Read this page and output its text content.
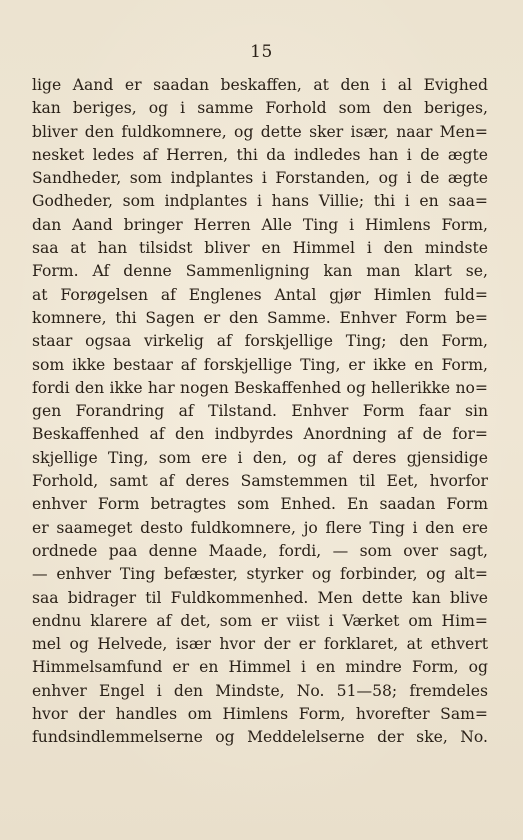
15
lige Aand er saadan beskaffen, at den i al Evighed
kan beriges, og i samme Forhold som den beriges,
bliver den fuldkomnere, og dette sker især, naar Men=
nesket ledes af Herren, thi da indledes han i de ægte
Sandheder, som indplantes i Forstanden, og i de ægte
Godheder, som indplantes i hans Villie; thi i en saa=
dan Aand bringer Herren Alle Ting i Himlens Form,
saa at han tilsidst bliver en Himmel i den mindste
Form. Af denne Sammenligning kan man klart se,
at Forøgelsen af Englenes Antal gjør Himlen fuld=
komnere, thi Sagen er den Samme. Enhver Form be=
staar ogsaa virkelig af forskjellige Ting; den Form,
som ikke bestaar af forskjellige Ting, er ikke en Form,
fordi den ikke har nogen Beskaffenhed og hellerikke no=
gen Forandring af Tilstand. Enhver Form faar sin
Beskaffenhed af den indbyrdes Anordning af de for=
skjellige Ting, som ere i den, og af deres gjensidige
Forhold, samt af deres Samstemmen til Eet, hvorfor
enhver Form betragtes som Enhed. En saadan Form
er saameget desto fuldkomnere, jo flere Ting i den ere
ordnede paa denne Maade, fordi, — som over sagt,
— enhver Ting befæster, styrker og forbinder, og alt=
saa bidrager til Fuldkommenhed. Men dette kan blive
endnu klarere af det, som er viist i Værket om Him=
mel og Helvede, især hvor der er forklaret, at ethvert
Himmelsamfund er en Himmel i en mindre Form, og
enhver Engel i den Mindste, No. 51—58; fremdeles
hvor der handles om Himlens Form, hvorefter Sam=
fundsindlemmelserne og Meddelelserne der ske, No.
